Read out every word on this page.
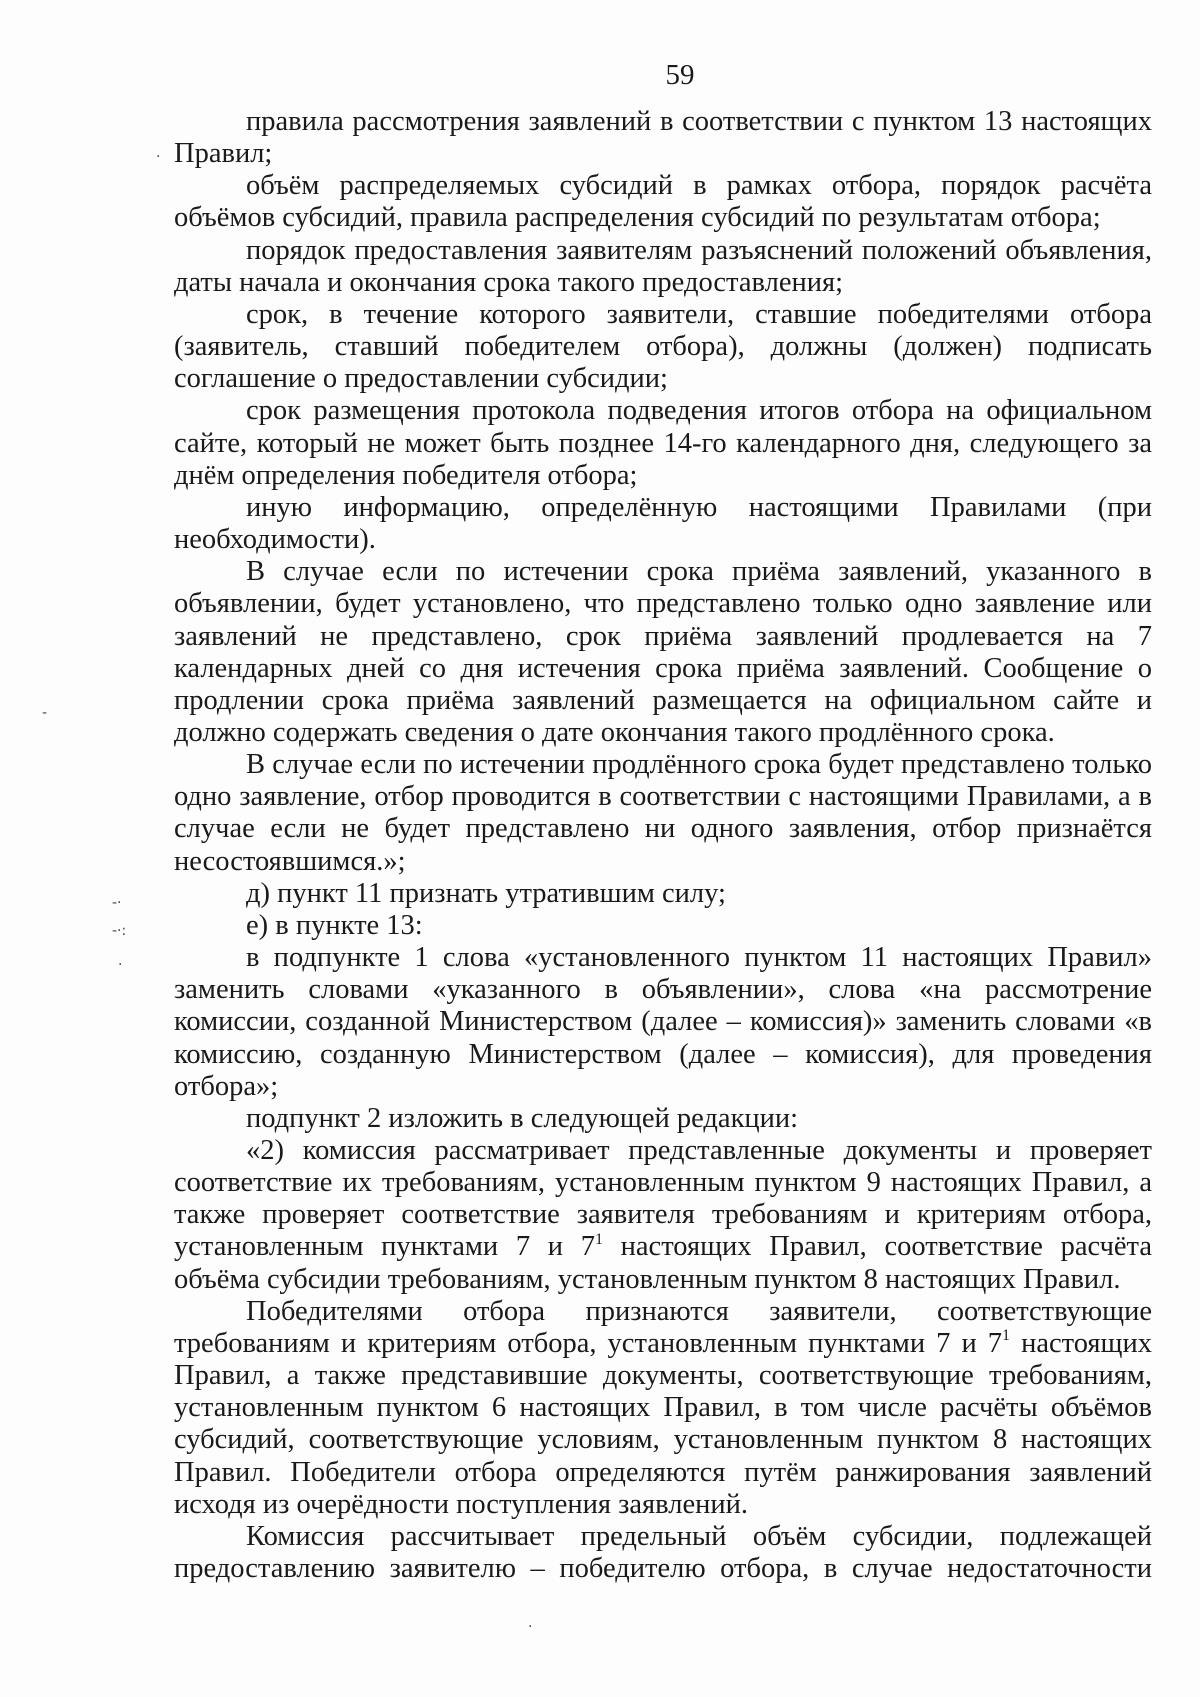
59

правила рассмотрения заявлений в соответствии с пунктом 13 настоящих Правил;

объём распределяемых субсидий в рамках отбора, порядок расчёта объёмов субсидий, правила распределения субсидий по результатам отбора;

порядок предоставления заявителям разъяснений положений объявления, даты начала и окончания срока такого предоставления;

срок, в течение которого заявители, ставшие победителями отбора (заявитель, ставший победителем отбора), должны (должен) подписать соглашение о предоставлении субсидии;

срок размещения протокола подведения итогов отбора на официальном сайте, который не может быть позднее 14-го календарного дня, следующего за днём определения победителя отбора;

иную информацию, определённую настоящими Правилами (при необходимости).

В случае если по истечении срока приёма заявлений, указанного в объявлении, будет установлено, что представлено только одно заявление или заявлений не представлено, срок приёма заявлений продлевается на 7 календарных дней со дня истечения срока приёма заявлений. Сообщение о продлении срока приёма заявлений размещается на официальном сайте и должно содержать сведения о дате окончания такого продлённого срока.

В случае если по истечении продлённого срока будет представлено только одно заявление, отбор проводится в соответствии с настоящими Правилами, а в случае если не будет представлено ни одного заявления, отбор признаётся несостоявшимся.»;

д) пункт 11 признать утратившим силу;

е) в пункте 13:

в подпункте 1 слова «установленного пунктом 11 настоящих Правил» заменить словами «указанного в объявлении», слова «на рассмотрение комиссии, созданной Министерством (далее – комиссия)» заменить словами «в комиссию, созданную Министерством (далее – комиссия), для проведения отбора»;

подпункт 2 изложить в следующей редакции:

«2) комиссия рассматривает представленные документы и проверяет соответствие их требованиям, установленным пунктом 9 настоящих Правил, а также проверяет соответствие заявителя требованиям и критериям отбора, установленным пунктами 7 и $7^1$ настоящих Правил, соответствие расчёта объёма субсидии требованиям, установленным пунктом 8 настоящих Правил.

Победителями отбора признаются заявители, соответствующие требованиям и критериям отбора, установленным пунктами 7 и $7^1$ настоящих Правил, а также представившие документы, соответствующие требованиям, установленным пунктом 6 настоящих Правил, в том числе расчёты объёмов субсидий, соответствующие условиям, установленным пунктом 8 настоящих Правил. Победители отбора определяются путём ранжирования заявлений исходя из очерёдности поступления заявлений.

Комиссия рассчитывает предельный объём субсидии, подлежащей предоставлению заявителю – победителю отбора, в случае недостаточности

·
-
-·
-·:
·
·
